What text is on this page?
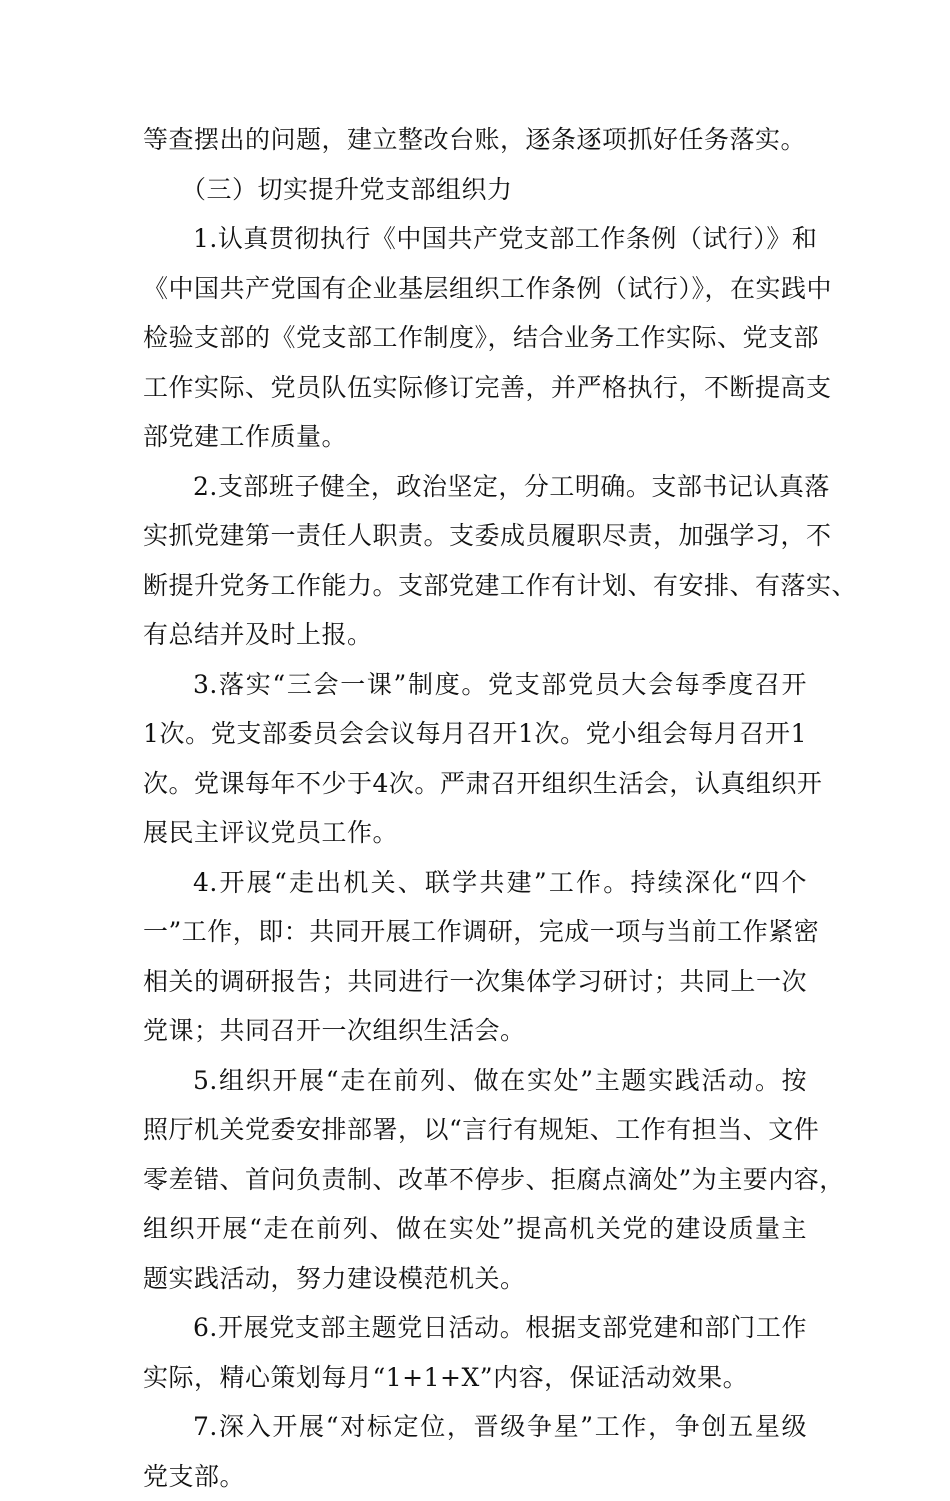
等查摆出的问题，建立整改台账，逐条逐项抓好任务落实。
（三）切实提升党支部组织力
1.认真贯彻执行《中国共产党支部工作条例（试行）》和
《中国共产党国有企业基层组织工作条例（试行）》，在实践中
检验支部的《党支部工作制度》，结合业务工作实际、党支部
工作实际、党员队伍实际修订完善，并严格执行，不断提高支
部党建工作质量。
2.支部班子健全，政治坚定，分工明确。支部书记认真落
实抓党建第一责任人职责。支委成员履职尽责，加强学习，不
断提升党务工作能力。支部党建工作有计划、有安排、有落实、
有总结并及时上报。
3.落实“三会一课”制度。党支部党员大会每季度召开
1次。党支部委员会会议每月召开1次。党小组会每月召开1
次。党课每年不少于4次。严肃召开组织生活会，认真组织开
展民主评议党员工作。
4.开展“走出机关、联学共建”工作。持续深化“四个
一”工作，即：共同开展工作调研，完成一项与当前工作紧密
相关的调研报告；共同进行一次集体学习研讨；共同上一次
党课；共同召开一次组织生活会。
5.组织开展“走在前列、做在实处”主题实践活动。按
照厅机关党委安排部署，以“言行有规矩、工作有担当、文件
零差错、首问负责制、改革不停步、拒腐点滴处”为主要内容，
组织开展“走在前列、做在实处”提高机关党的建设质量主
题实践活动，努力建设模范机关。
6.开展党支部主题党日活动。根据支部党建和部门工作
实际，精心策划每月“1+1+X”内容，保证活动效果。
7.深入开展“对标定位，晋级争星”工作，争创五星级
党支部。
